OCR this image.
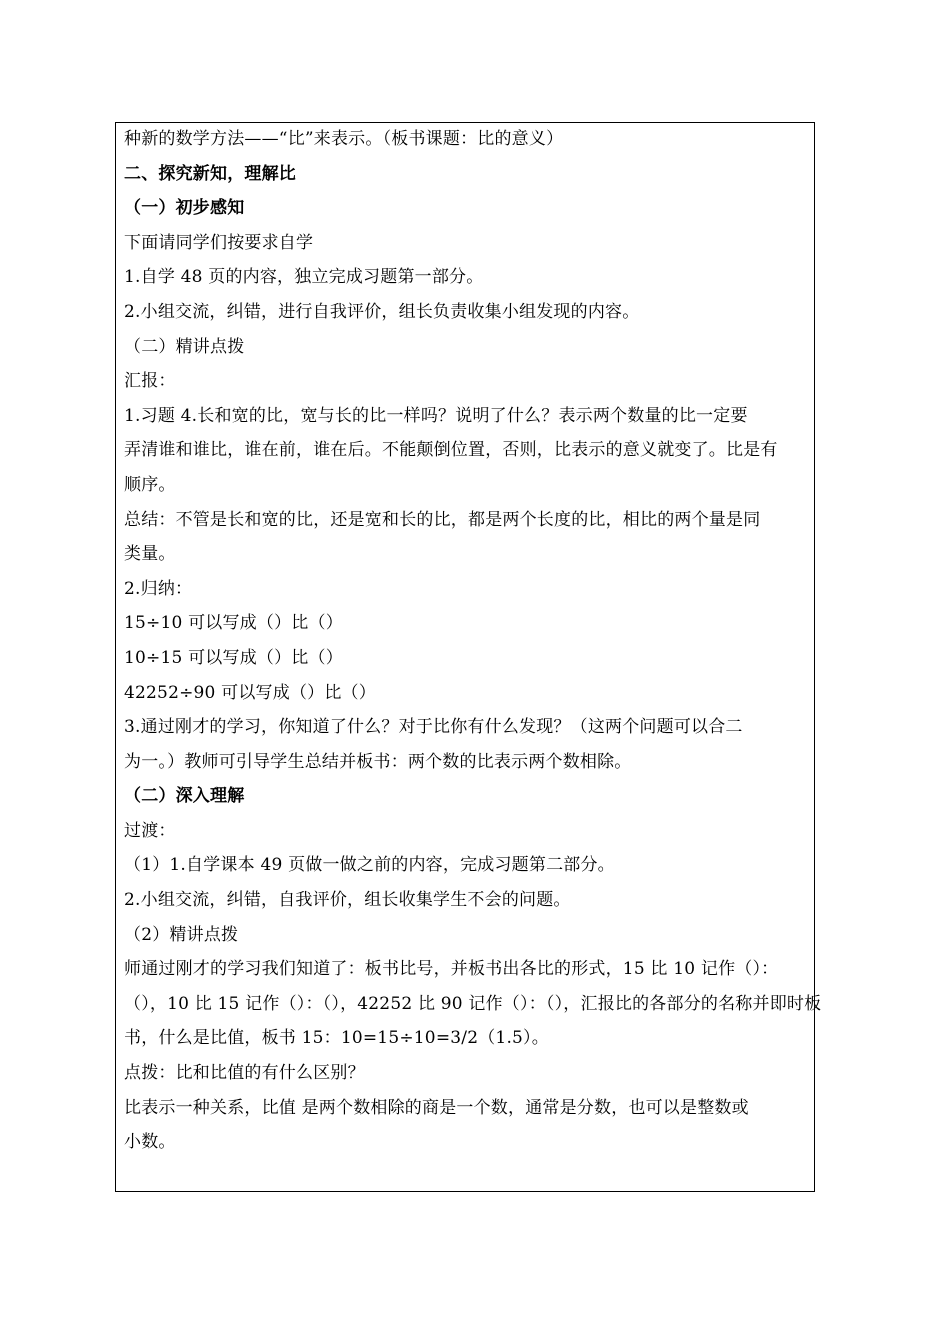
种新的数学方法——“比”来表示。（板书课题：比的意义）
二、探究新知，理解比
（一）初步感知
下面请同学们按要求自学
1.自学 48 页的内容，独立完成习题第一部分。
2.小组交流，纠错，进行自我评价，组长负责收集小组发现的内容。
（二）精讲点拨
汇报：
1.习题 4.长和宽的比，宽与长的比一样吗？说明了什么？表示两个数量的比一定要
弄清谁和谁比，谁在前，谁在后。不能颠倒位置，否则，比表示的意义就变了。比是有
顺序。
总结：不管是长和宽的比，还是宽和长的比，都是两个长度的比，相比的两个量是同
类量。
2.归纳：
15÷10 可以写成（）比（）
10÷15 可以写成（）比（）
42252÷90 可以写成（）比（）
3.通过刚才的学习，你知道了什么？对于比你有什么发现？（这两个问题可以合二
为一。）教师可引导学生总结并板书：两个数的比表示两个数相除。
（二）深入理解
过渡：
（1）1.自学课本 49 页做一做之前的内容，完成习题第二部分。
2.小组交流，纠错，自我评价，组长收集学生不会的问题。
（2）精讲点拨
师通过刚才的学习我们知道了：板书比号，并板书出各比的形式，15 比 10 记作（）：
（），10 比 15 记作（）：（），42252 比 90 记作（）：（），汇报比的各部分的名称并即时板
书，什么是比值，板书 15：10=15÷10=3/2（1.5）。
点拨：比和比值的有什么区别？
比表示一种关系，比值 是两个数相除的商是一个数，通常是分数，也可以是整数或
小数。
